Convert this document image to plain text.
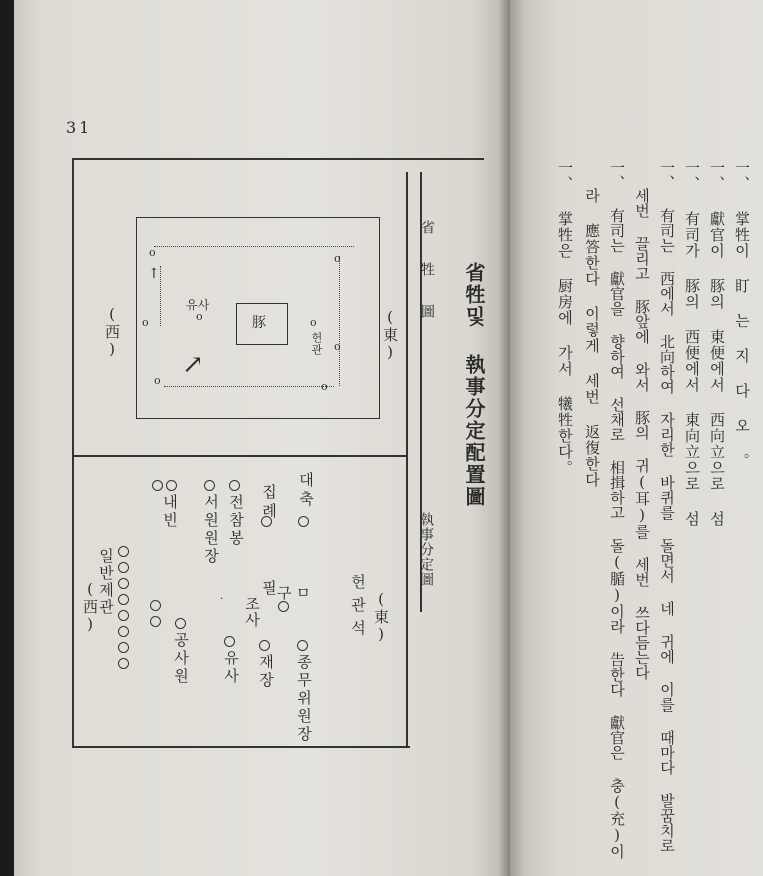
31
省牲및 執事分定配置圖
省 牲 圖
執事分定圖
o	o
o
o	o
o
↑
↗
豚
유사
o	o
헌관
(西)	(東)
(東)
헌관석
대축
집례
전참봉
서원원장
내빈
구 ㅁ
필
조사
·
종무위원장
재장
유사
공사원
일반제관
(西)
一、 掌牲이 盯 는 지 다 오 。
一、 獻官이 豚의 東便에서 西向立으로 섬
一、 有司가 豚의 西便에서 東向立으로 섬
一、 有司는 西에서 北向하여 자리한 바퀴를 돌면서 네 귀에 이를 때마다 발꿈치로
세번 끌리고 豚앞에 와서 豚의 귀(耳)를 세번 쓰다듬는다
一、 有司는 獻官을 향하여 선채로 相揖하고 돌(腯)이라 告한다 獻官은 충(充)이
라 應答한다 이렇게 세번 返復한다
一、 掌牲은 厨房에 가서 犧牲한다。
